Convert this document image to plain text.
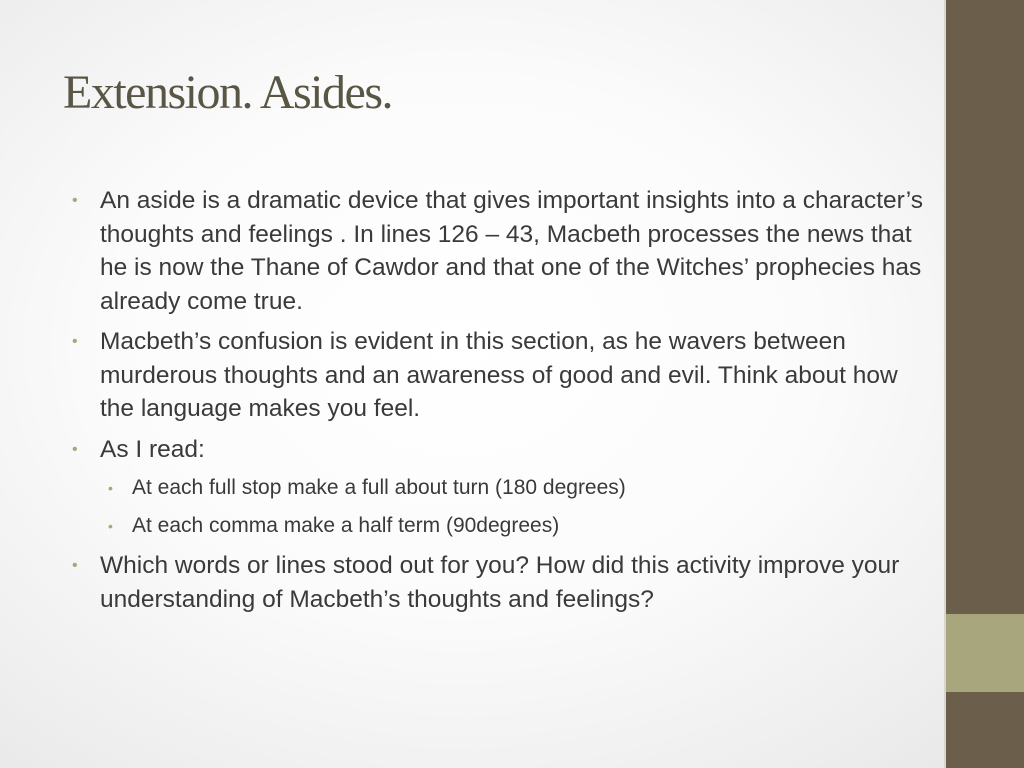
Extension. Asides.
• An aside is a dramatic device that gives important insights into a character’s thoughts and feelings . In lines 126 – 43, Macbeth processes the news that he is now the Thane of Cawdor and that one of the Witches’ prophecies has already come true.
• Macbeth’s confusion is evident in this section, as he wavers between murderous thoughts and an awareness of good and evil. Think about how the language makes you feel.
• As I read:
• At each full stop make a full about turn (180 degrees)
• At each comma make a half term (90degrees)
• Which words or lines stood out for you? How did this activity improve your understanding of Macbeth’s thoughts and feelings?
